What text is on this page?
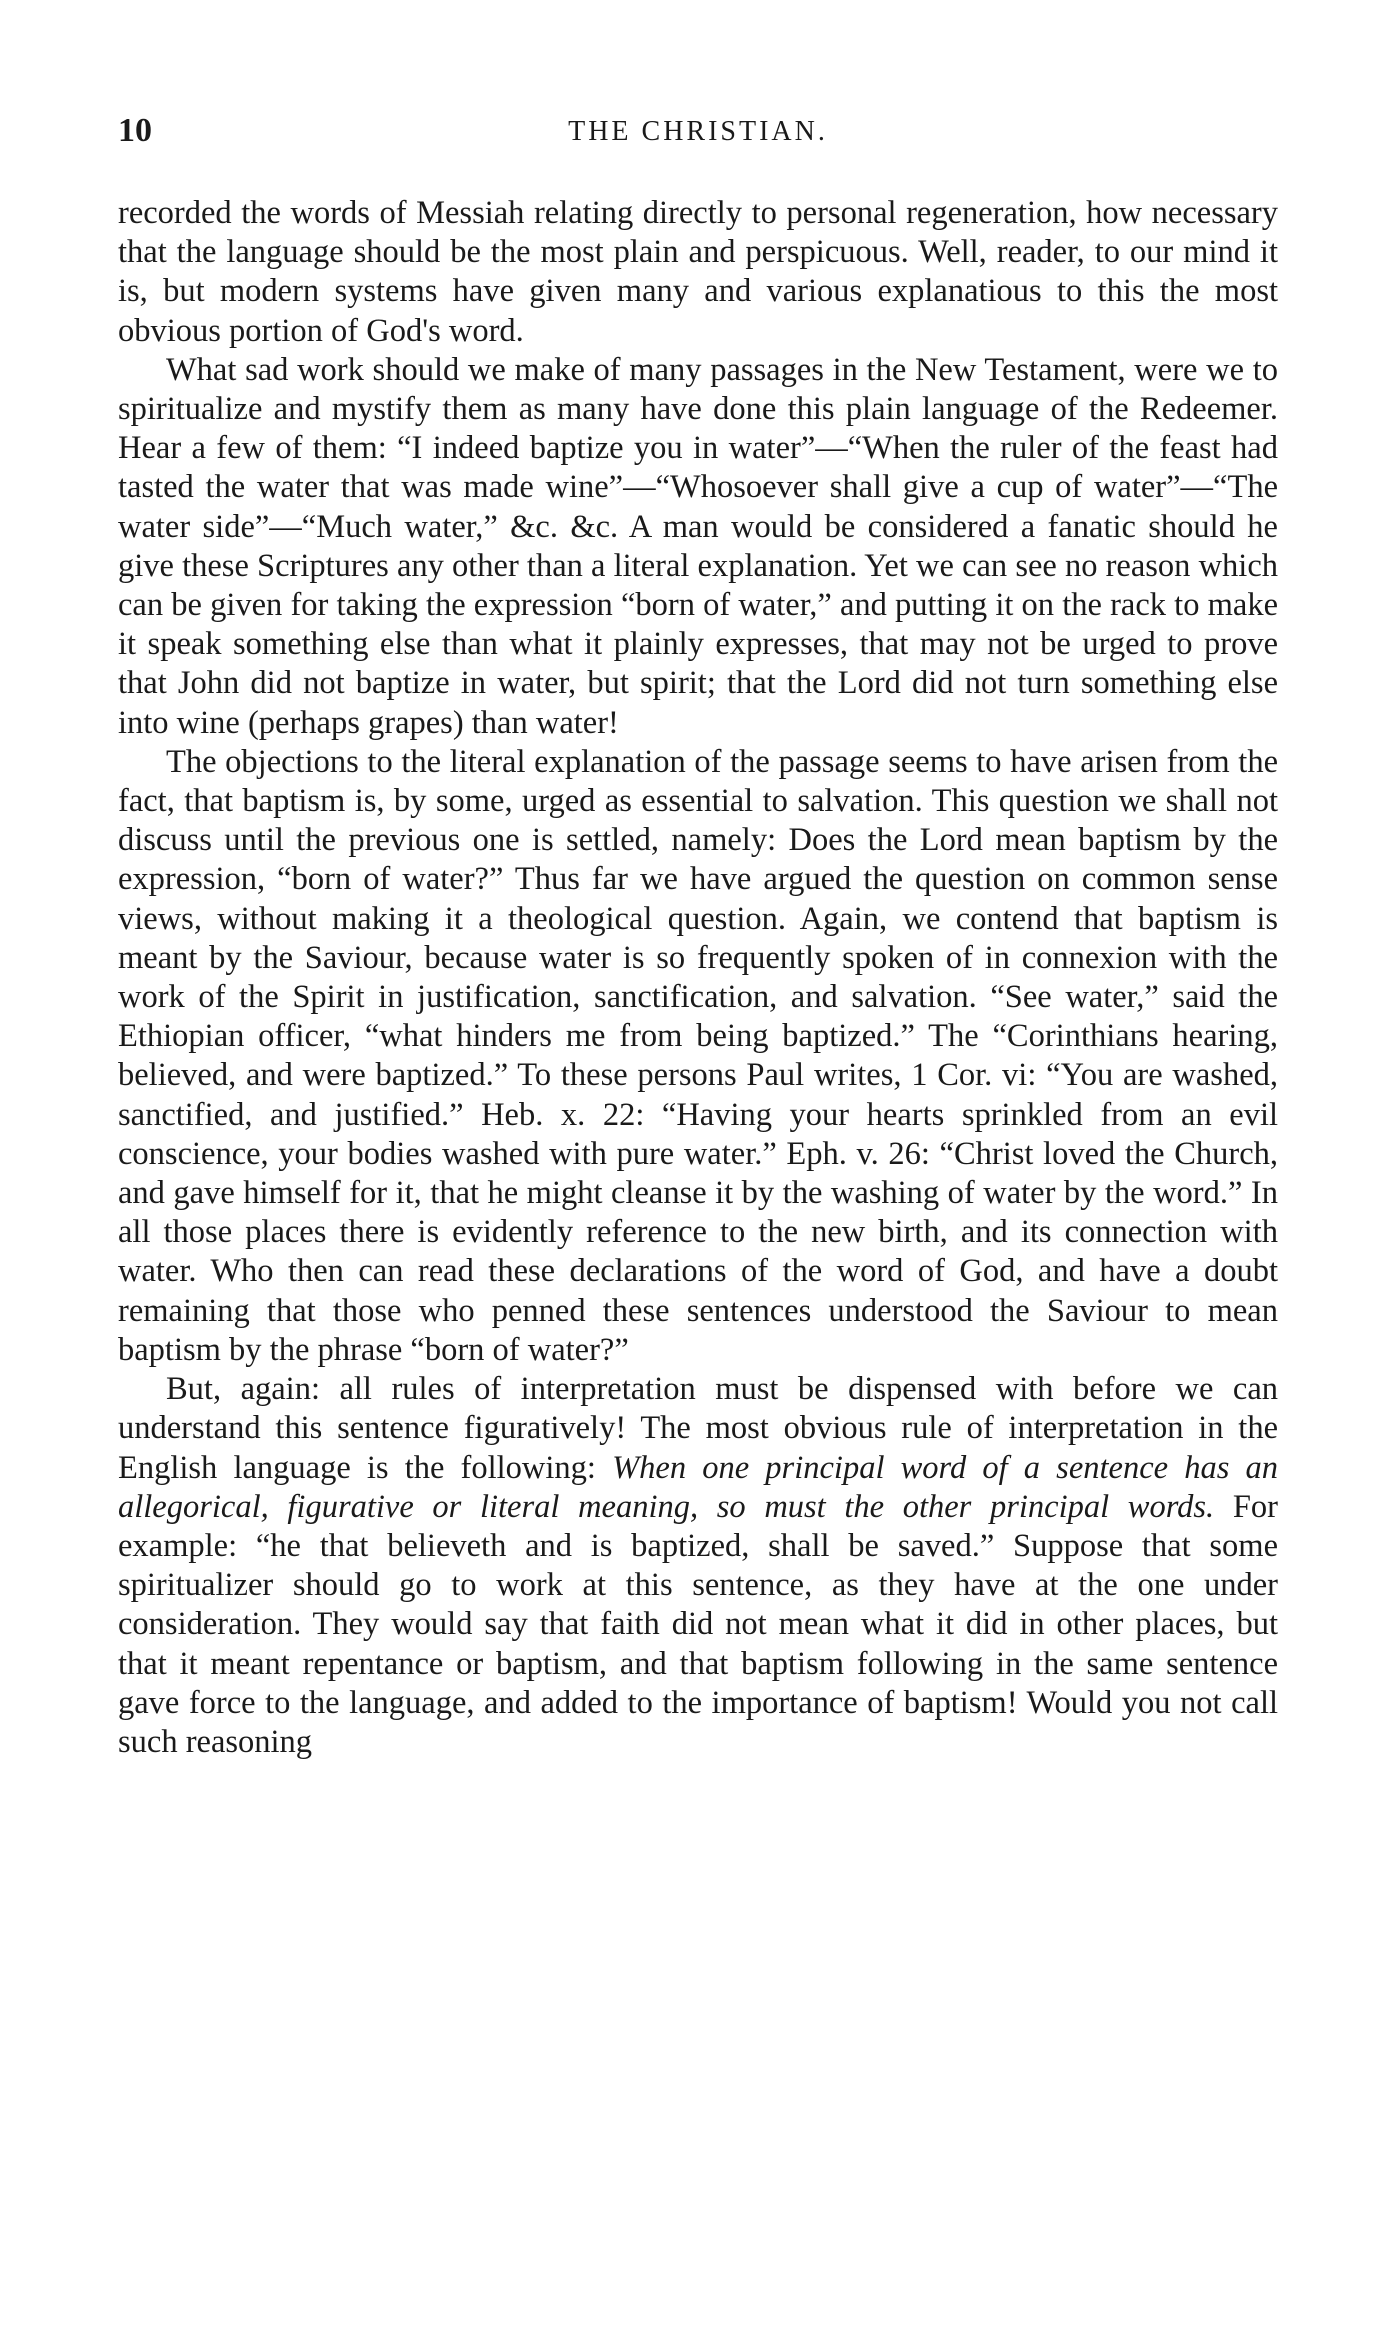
10	THE CHRISTIAN.

recorded the words of Messiah relating directly to personal regeneration, how necessary that the language should be the most plain and perspicuous. Well, reader, to our mind it is, but modern systems have given many and various explanatious to this the most obvious portion of God's word.

What sad work should we make of many passages in the New Testament, were we to spiritualize and mystify them as many have done this plain language of the Redeemer. Hear a few of them: “I indeed baptize you in water”—“When the ruler of the feast had tasted the water that was made wine”—“Whosoever shall give a cup of water”—“The water side”—“Much water,” &c. &c. A man would be considered a fanatic should he give these Scriptures any other than a literal explanation. Yet we can see no reason which can be given for taking the expression “born of water,” and putting it on the rack to make it speak something else than what it plainly expresses, that may not be urged to prove that John did not baptize in water, but spirit; that the Lord did not turn something else into wine (perhaps grapes) than water!

The objections to the literal explanation of the passage seems to have arisen from the fact, that baptism is, by some, urged as essential to salvation. This question we shall not discuss until the previous one is settled, namely: Does the Lord mean baptism by the expression, “born of water?” Thus far we have argued the question on common sense views, without making it a theological question. Again, we contend that baptism is meant by the Saviour, because water is so frequently spoken of in connexion with the work of the Spirit in justification, sanctification, and salvation. “See water,” said the Ethiopian officer, “what hinders me from being baptized.” The “Corinthians hearing, believed, and were baptized.” To these persons Paul writes, 1 Cor. vi: “You are washed, sanctified, and justified.” Heb. x. 22: “Having your hearts sprinkled from an evil conscience, your bodies washed with pure water.” Eph. v. 26: “Christ loved the Church, and gave himself for it, that he might cleanse it by the washing of water by the word.” In all those places there is evidently reference to the new birth, and its connection with water. Who then can read these declarations of the word of God, and have a doubt remaining that those who penned these sentences understood the Saviour to mean baptism by the phrase “born of water?”

But, again: all rules of interpretation must be dispensed with before we can understand this sentence figuratively! The most obvious rule of interpretation in the English language is the following: When one principal word of a sentence has an allegorical, figurative or literal meaning, so must the other principal words. For example: “he that believeth and is baptized, shall be saved.” Suppose that some spiritualizer should go to work at this sentence, as they have at the one under consideration. They would say that faith did not mean what it did in other places, but that it meant repentance or baptism, and that baptism following in the same sentence gave force to the language, and added to the importance of baptism! Would you not call such reasoning
